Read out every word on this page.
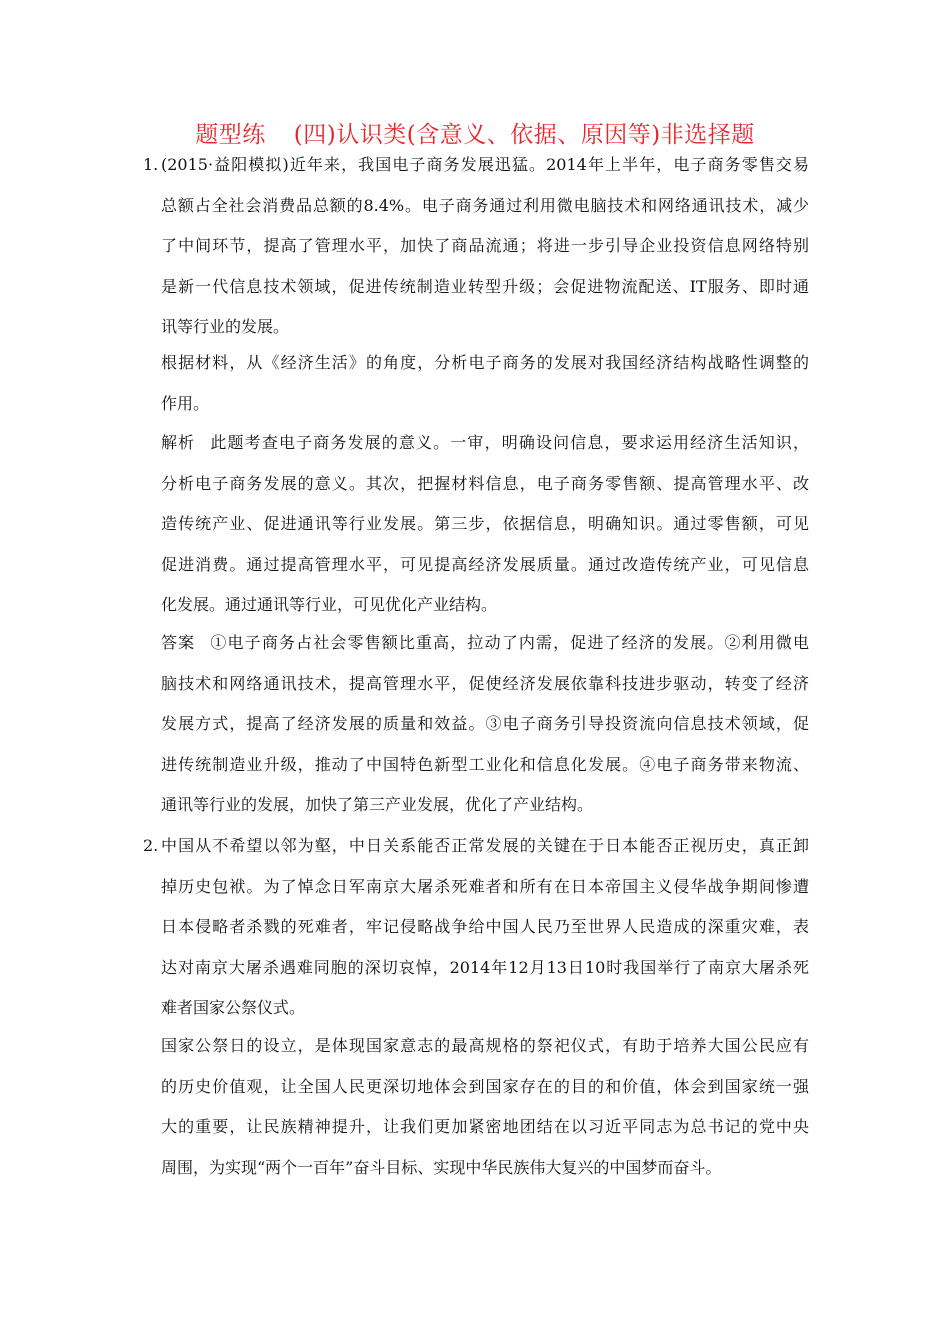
题型练 (四)认识类(含意义、依据、原因等)非选择题
1. (2015·益阳模拟)近年来，我国电子商务发展迅猛。2014年上半年，电子商务零售交易
总额占全社会消费品总额的8.4%。电子商务通过利用微电脑技术和网络通讯技术，减少
了中间环节，提高了管理水平，加快了商品流通；将进一步引导企业投资信息网络特别
是新一代信息技术领域，促进传统制造业转型升级；会促进物流配送、IT服务、即时通
讯等行业的发展。
根据材料，从《经济生活》的角度，分析电子商务的发展对我国经济结构战略性调整的
作用。
解析 此题考查电子商务发展的意义。一审，明确设问信息，要求运用经济生活知识，
分析电子商务发展的意义。其次，把握材料信息，电子商务零售额、提高管理水平、改
造传统产业、促进通讯等行业发展。第三步，依据信息，明确知识。通过零售额，可见
促进消费。通过提高管理水平，可见提高经济发展质量。通过改造传统产业，可见信息
化发展。通过通讯等行业，可见优化产业结构。
答案 ①电子商务占社会零售额比重高，拉动了内需，促进了经济的发展。②利用微电
脑技术和网络通讯技术，提高管理水平，促使经济发展依靠科技进步驱动，转变了经济
发展方式，提高了经济发展的质量和效益。③电子商务引导投资流向信息技术领域，促
进传统制造业升级，推动了中国特色新型工业化和信息化发展。④电子商务带来物流、
通讯等行业的发展，加快了第三产业发展，优化了产业结构。
2. 中国从不希望以邻为壑，中日关系能否正常发展的关键在于日本能否正视历史，真正卸
掉历史包袱。为了悼念日军南京大屠杀死难者和所有在日本帝国主义侵华战争期间惨遭
日本侵略者杀戮的死难者，牢记侵略战争给中国人民乃至世界人民造成的深重灾难，表
达对南京大屠杀遇难同胞的深切哀悼，2014年12月13日10时我国举行了南京大屠杀死
难者国家公祭仪式。
国家公祭日的设立，是体现国家意志的最高规格的祭祀仪式，有助于培养大国公民应有
的历史价值观，让全国人民更深切地体会到国家存在的目的和价值，体会到国家统一强
大的重要，让民族精神提升，让我们更加紧密地团结在以习近平同志为总书记的党中央
周围，为实现“两个一百年”奋斗目标、实现中华民族伟大复兴的中国梦而奋斗。
